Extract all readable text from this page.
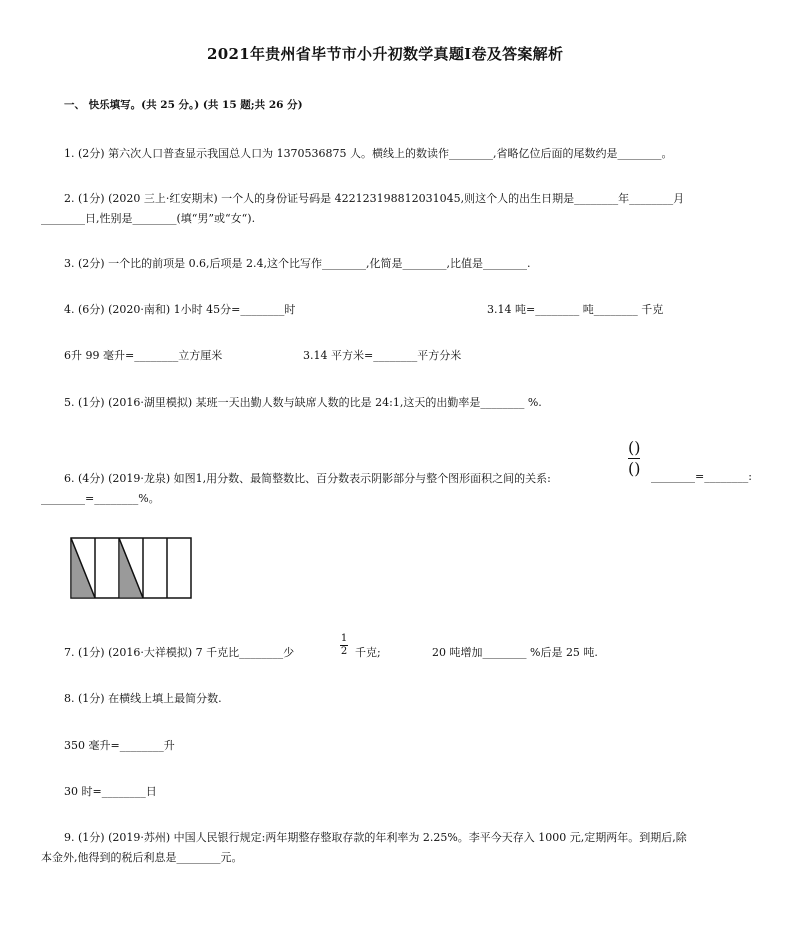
2021年贵州省毕节市小升初数学真题I卷及答案解析
一、 快乐填写。(共 25 分。) (共 15 题;共 26 分)
1. (2分) 第六次人口普查显示我国总人口为 1370536875 人。横线上的数读作________,省略亿位后面的尾数约是________。
2. (1分) (2020 三上·红安期末) 一个人的身份证号码是 422123198812031045,则这个人的出生日期是________年________月
________日,性别是________(填“男”或“女“).
3. (2分) 一个比的前项是 0.6,后项是 2.4,这个比写作________,化简是________,比值是________.
4. (6分) (2020·南和) 1小时 45分=________时	3.14 吨=________ 吨________ 千克
6升 99 毫升=________立方厘米	3.14 平方米=________平方分米
5. (1分) (2016·湖里模拟) 某班一天出勤人数与缺席人数的比是 24:1,这天的出勤率是________ %.
6. (4分) (2019·龙泉) 如图1,用分数、最简整数比、百分数表示阴影部分与整个图形面积之间的关系:
()
() ________=________:
________=________%。
7. (1分) (2016·大祥模拟) 7 千克比________少
1
2 千克;	20 吨增加________ %后是 25 吨.
8. (1分) 在横线上填上最简分数.
350 毫升=________升
30 时=________日
9. (1分) (2019·苏州) 中国人民银行规定:两年期整存整取存款的年利率为 2.25%。李平今天存入 1000 元,定期两年。到期后,除
本金外,他得到的税后利息是________元。
